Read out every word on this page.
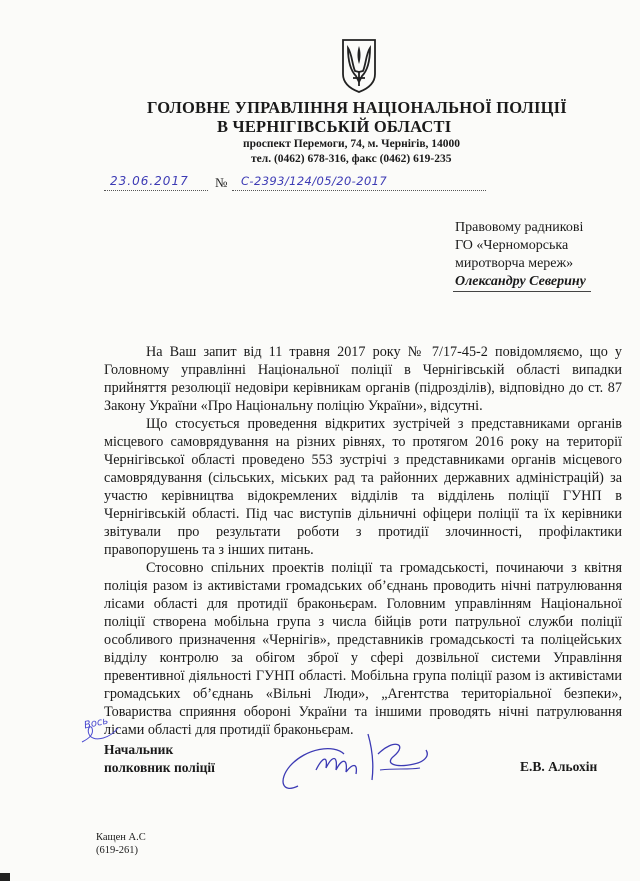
ГОЛОВНЕ УПРАВЛІННЯ НАЦІОНАЛЬНОЇ ПОЛІЦІЇ
В ЧЕРНІГІВСЬКІЙ ОБЛАСТІ
проспект Перемоги, 74, м. Чернігів, 14000
тел. (0462) 678-316, факс (0462) 619-235
23.06.2017 № С-2393/124/05/20-2017
Правовому радникові
ГО «Черноморська
миротворча мереж»
Олександру Северину

На Ваш запит від 11 травня 2017 року № 7/17-45-2 повідомляємо, що у Головному управлінні Національної поліції в Чернігівській області випадки прийняття резолюції недовіри керівникам органів (підрозділів), відповідно до ст. 87 Закону України «Про Національну поліцію України», відсутні.

Що стосується проведення відкритих зустрічей з представниками органів місцевого самоврядування на різних рівнях, то протягом 2016 року на території Чернігівської області проведено 553 зустрічі з представниками органів місцевого самоврядування (сільських, міських рад та районних державних адміністрацій) за участю керівництва відокремлених відділів та відділень поліції ГУНП в Чернігівській області. Під час виступів дільничні офіцери поліції та їх керівники звітували про результати роботи з протидії злочинності, профілактики правопорушень та з інших питань.

Стосовно спільних проектів поліції та громадськості, починаючи з квітня поліція разом із активістами громадських об’єднань проводить нічні патрулювання лісами області для протидії браконьєрам. Головним управлінням Національної поліції створена мобільна група з числа бійців роти патрульної служби поліції особливого призначення «Чернігів», представників громадськості та поліцейських відділу контролю за обігом зброї у сфері дозвільної системи Управління превентивної діяльності ГУНП області. Мобільна група поліції разом із активістами громадських об’єднань «Вільні Люди», „Агентства територіальної безпеки», Товариства сприяння обороні України та іншими проводять нічні патрулювання лісами області для протидії браконьєрам.

Вось
Начальник
полковник поліції	Е.В. Альохін
Кащен А.С
(619-261)
